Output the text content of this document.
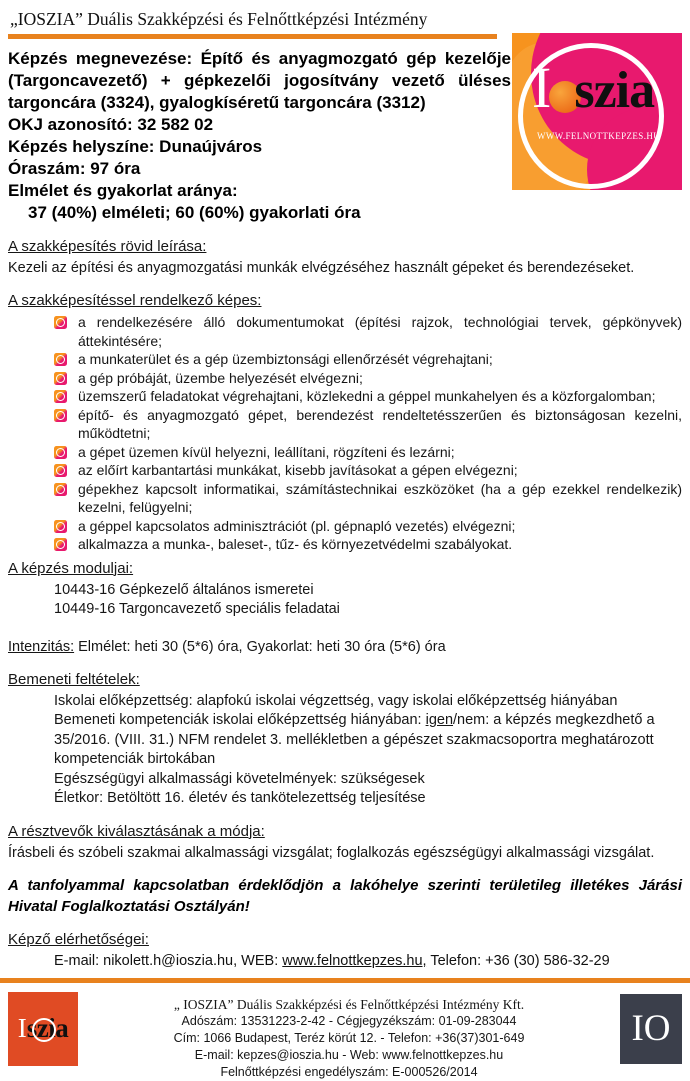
„IOSZIA” Duális Szakképzési és Felnőttképzési Intézmény
I szia
WWW.FELNOTTKEPZES.HU

Képzés megnevezése: Építő és anyagmozgató gép kezelője (Targoncavezető) + gépkezelői jogosítvány vezető üléses targoncára (3324), gyalogkíséretű targoncára (3312)

OKJ azonosító: 32 582 02
Képzés helyszíne: Dunaújváros
Óraszám: 97 óra
Elmélet és gyakorlat aránya:
37 (40%) elméleti; 60 (60%) gyakorlati óra
A szakképesítés rövid leírása:

Kezeli az építési és anyagmozgatási munkák elvégzéséhez használt gépeket és berendezéseket.

A szakképesítéssel rendelkező képes:
a rendelkezésére álló dokumentumokat (építési rajzok, technológiai tervek, gépkönyvek) áttekintésére;
a munkaterület és a gép üzembiztonsági ellenőrzését végrehajtani;
a gép próbáját, üzembe helyezését elvégezni;
üzemszerű feladatokat végrehajtani, közlekedni a géppel munkahelyen és a közforgalomban;
építő- és anyagmozgató gépet, berendezést rendeltetésszerűen és biztonságosan kezelni, működtetni;
a gépet üzemen kívül helyezni, leállítani, rögzíteni és lezárni;
az előírt karbantartási munkákat, kisebb javításokat a gépen elvégezni;
gépekhez kapcsolt informatikai, számítástechnikai eszközöket (ha a gép ezekkel rendelkezik) kezelni, felügyelni;
a géppel kapcsolatos adminisztrációt (pl. gépnapló vezetés) elvégezni;
alkalmazza a munka-, baleset-, tűz- és környezetvédelmi szabályokat.
A képzés moduljai:
10443-16 Gépkezelő általános ismeretei
10449-16 Targoncavezető speciális feladatai

Intenzitás: Elmélet: heti 30 (5*6) óra, Gyakorlat: heti 30 óra (5*6) óra

Bemeneti feltételek:
Iskolai előképzettség: alapfokú iskolai végzettség, vagy iskolai előképzettség hiányában
Bemeneti kompetenciák iskolai előképzettség hiányában: igen/nem: a képzés megkezdhető a 35/2016. (VIII. 31.) NFM rendelet 3. mellékletben a gépészet szakmacsoportra meghatározott kompetenciák birtokában
Egészségügyi alkalmassági követelmények: szükségesek
Életkor: Betöltött 16. életév és tankötelezettség teljesítése
A résztvevők kiválasztásának a módja:

Írásbeli és szóbeli szakmai alkalmassági vizsgálat; foglalkozás egészségügyi alkalmassági vizsgálat.

A tanfolyammal kapcsolatban érdeklődjön a lakóhelye szerinti területileg illetékes Járási Hivatal Foglalkoztatási Osztályán!

Képző elérhetőségei:
E-mail: nikolett.h@ioszia.hu, WEB: www.felnottkepzes.hu, Telefon: +36 (30) 586-32-29
I szia
„ IOSZIA” Duális Szakképzési és Felnőttképzési Intézmény Kft.
Adószám: 13531223-2-42 - Cégjegyzékszám: 01-09-283044
Cím: 1066 Budapest, Teréz körút 12. - Telefon: +36(37)301-649
E-mail: kepzes@ioszia.hu - Web: www.felnottkepzes.hu
Felnőttképzési engedélyszám: E-000526/2014
IO
